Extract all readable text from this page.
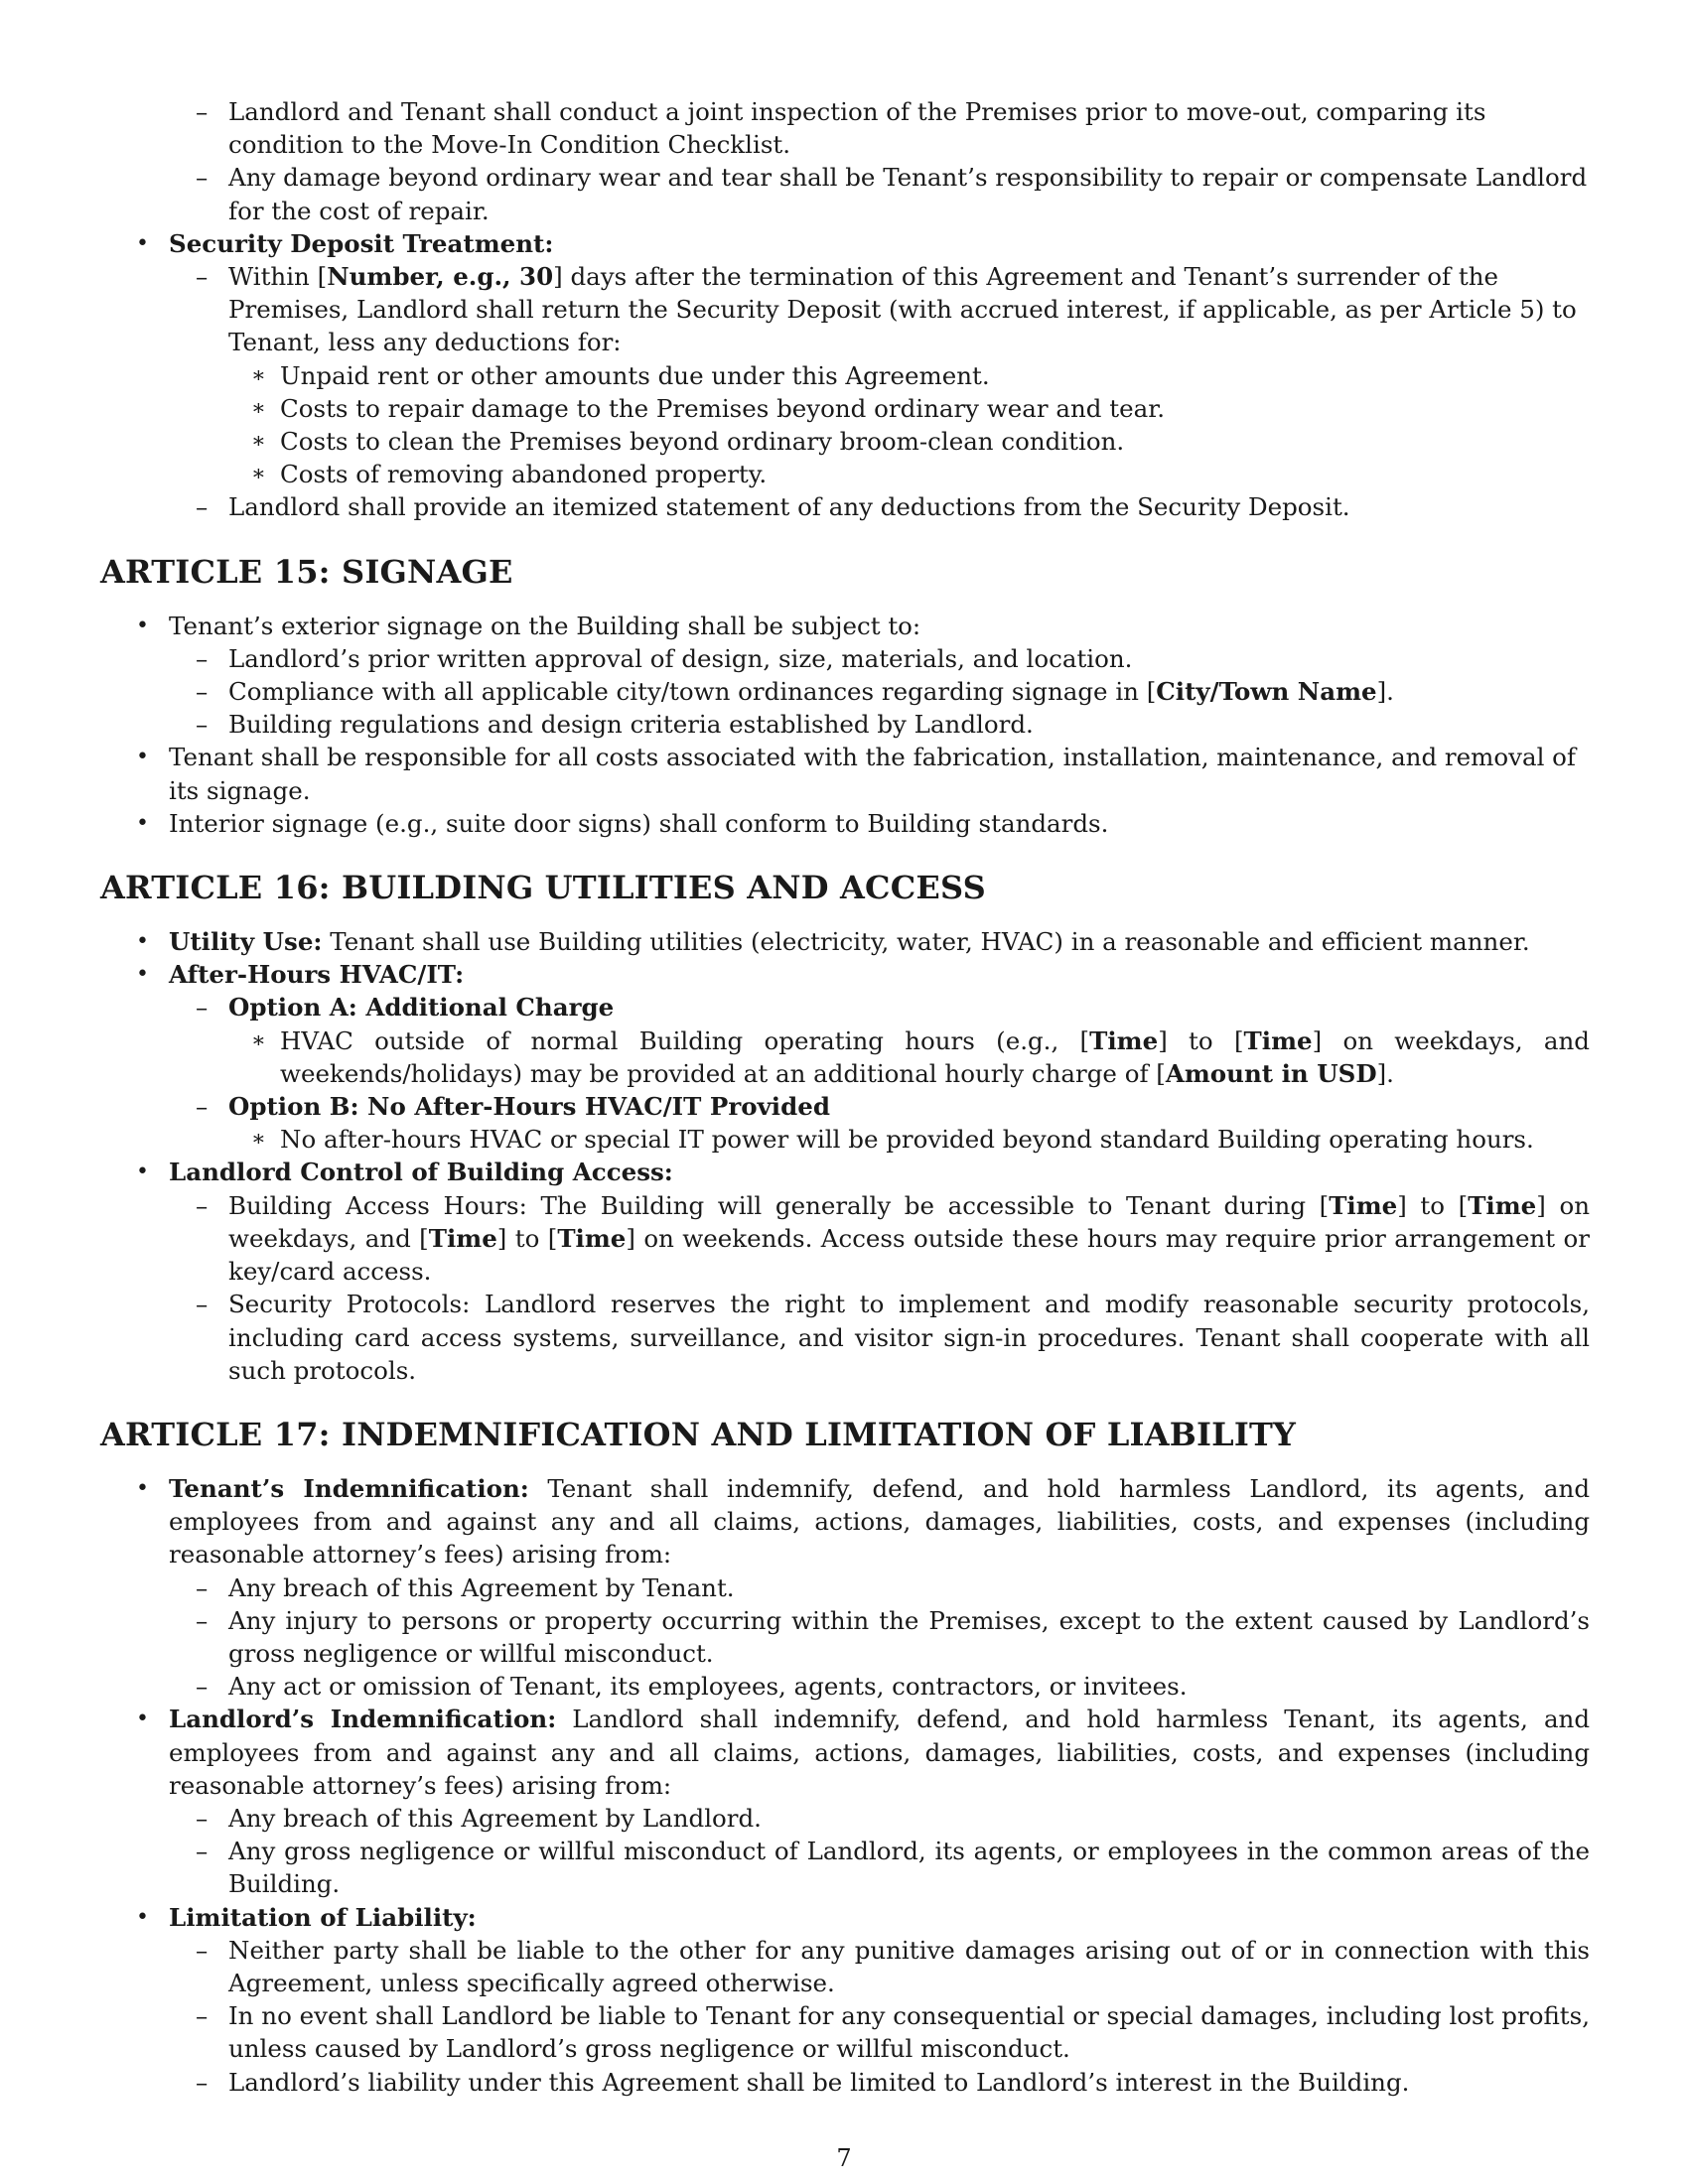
– Landlord and Tenant shall conduct a joint inspection of the Premises prior to move-out, comparing its condition to the Move-In Condition Checklist.
– Any damage beyond ordinary wear and tear shall be Tenant’s responsibility to repair or compensate Landlord for the cost of repair.
• Security Deposit Treatment:
– Within [Number, e.g., 30] days after the termination of this Agreement and Tenant’s surrender of the Premises, Landlord shall return the Security Deposit (with accrued interest, if applicable, as per Article 5) to Tenant, less any deductions for:
∗ Unpaid rent or other amounts due under this Agreement.
∗ Costs to repair damage to the Premises beyond ordinary wear and tear.
∗ Costs to clean the Premises beyond ordinary broom-clean condition.
∗ Costs of removing abandoned property.
– Landlord shall provide an itemized statement of any deductions from the Security Deposit.
ARTICLE 15: SIGNAGE
• Tenant’s exterior signage on the Building shall be subject to:
– Landlord’s prior written approval of design, size, materials, and location.
– Compliance with all applicable city/town ordinances regarding signage in [City/Town Name].
– Building regulations and design criteria established by Landlord.
• Tenant shall be responsible for all costs associated with the fabrication, installation, maintenance, and removal of its signage.
• Interior signage (e.g., suite door signs) shall conform to Building standards.
ARTICLE 16: BUILDING UTILITIES AND ACCESS
• Utility Use: Tenant shall use Building utilities (electricity, water, HVAC) in a reasonable and efficient manner.
• After-Hours HVAC/IT:
– Option A: Additional Charge
∗ HVAC outside of normal Building operating hours (e.g., [Time] to [Time] on weekdays, and weekends/holidays) may be provided at an additional hourly charge of [Amount in USD].
– Option B: No After-Hours HVAC/IT Provided
∗ No after-hours HVAC or special IT power will be provided beyond standard Building operating hours.
• Landlord Control of Building Access:
– Building Access Hours: The Building will generally be accessible to Tenant during [Time] to [Time] on weekdays, and [Time] to [Time] on weekends. Access outside these hours may require prior arrangement or key/card access.
– Security Protocols: Landlord reserves the right to implement and modify reasonable security protocols, including card access systems, surveillance, and visitor sign-in procedures. Tenant shall cooperate with all such protocols.
ARTICLE 17: INDEMNIFICATION AND LIMITATION OF LIABILITY
• Tenant’s Indemnification: Tenant shall indemnify, defend, and hold harmless Landlord, its agents, and employees from and against any and all claims, actions, damages, liabilities, costs, and expenses (including reasonable attorney’s fees) arising from:
– Any breach of this Agreement by Tenant.
– Any injury to persons or property occurring within the Premises, except to the extent caused by Landlord’s gross negligence or willful misconduct.
– Any act or omission of Tenant, its employees, agents, contractors, or invitees.
• Landlord’s Indemnification: Landlord shall indemnify, defend, and hold harmless Tenant, its agents, and employees from and against any and all claims, actions, damages, liabilities, costs, and expenses (including reasonable attorney’s fees) arising from:
– Any breach of this Agreement by Landlord.
– Any gross negligence or willful misconduct of Landlord, its agents, or employees in the common areas of the Building.
• Limitation of Liability:
– Neither party shall be liable to the other for any punitive damages arising out of or in connection with this Agreement, unless specifically agreed otherwise.
– In no event shall Landlord be liable to Tenant for any consequential or special damages, including lost profits, unless caused by Landlord’s gross negligence or willful misconduct.
– Landlord’s liability under this Agreement shall be limited to Landlord’s interest in the Building.
7
